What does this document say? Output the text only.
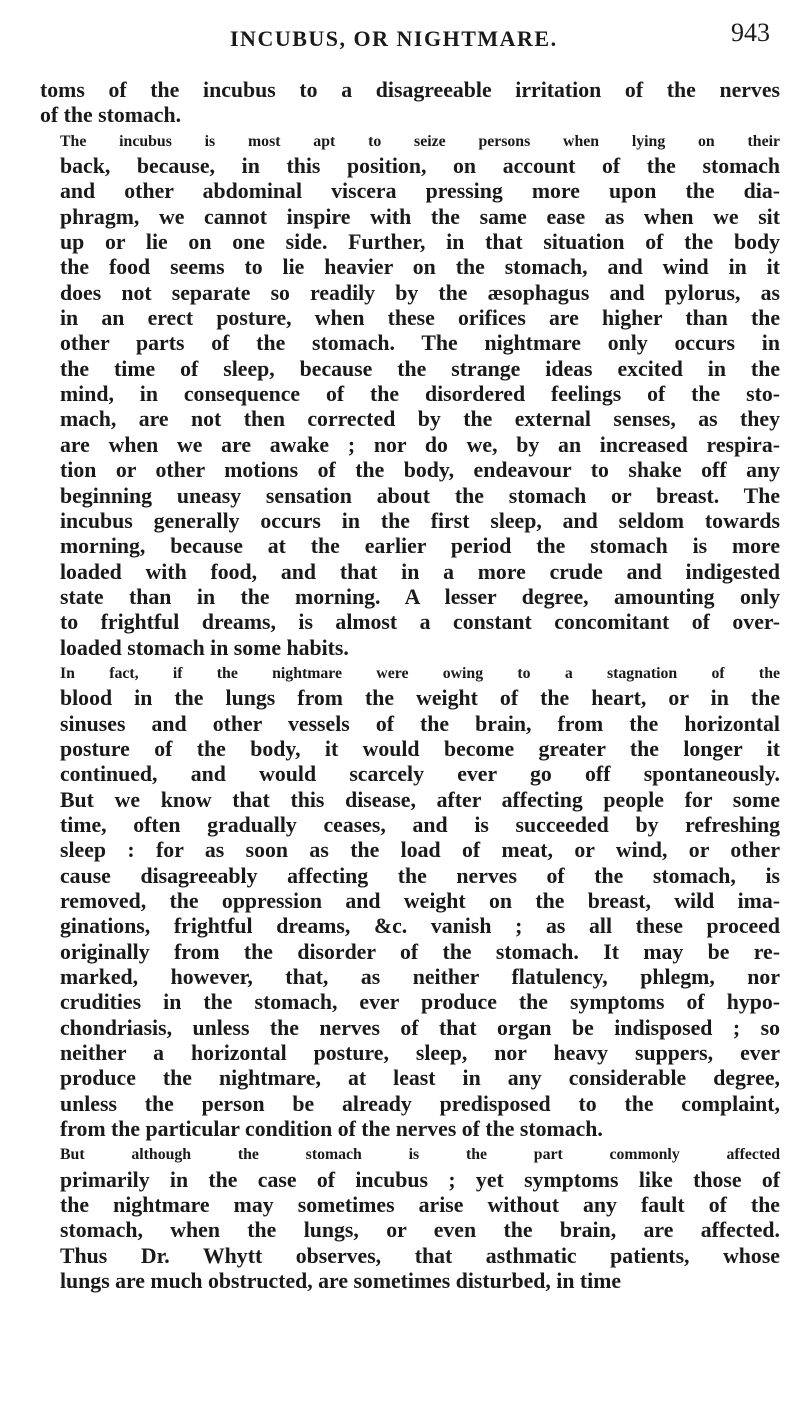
INCUBUS, OR NIGHTMARE.	943

toms of the incubus to a disagreeable irritation of the nerves
of the stomach.

The incubus is most apt to seize persons when lying on their
back, because, in this position, on account of the stomach
and other abdominal viscera pressing more upon the dia-
phragm, we cannot inspire with the same ease as when we sit
up or lie on one side. Further, in that situation of the body
the food seems to lie heavier on the stomach, and wind in it
does not separate so readily by the æsophagus and pylorus, as
in an erect posture, when these orifices are higher than the
other parts of the stomach. The nightmare only occurs in
the time of sleep, because the strange ideas excited in the
mind, in consequence of the disordered feelings of the sto-
mach, are not then corrected by the external senses, as they
are when we are awake ; nor do we, by an increased respira-
tion or other motions of the body, endeavour to shake off any
beginning uneasy sensation about the stomach or breast. The
incubus generally occurs in the first sleep, and seldom towards
morning, because at the earlier period the stomach is more
loaded with food, and that in a more crude and indigested
state than in the morning. A lesser degree, amounting only
to frightful dreams, is almost a constant concomitant of over-
loaded stomach in some habits.

In fact, if the nightmare were owing to a stagnation of the
blood in the lungs from the weight of the heart, or in the
sinuses and other vessels of the brain, from the horizontal
posture of the body, it would become greater the longer it
continued, and would scarcely ever go off spontaneously.
But we know that this disease, after affecting people for some
time, often gradually ceases, and is succeeded by refreshing
sleep : for as soon as the load of meat, or wind, or other
cause disagreeably affecting the nerves of the stomach, is
removed, the oppression and weight on the breast, wild ima-
ginations, frightful dreams, &c. vanish ; as all these proceed
originally from the disorder of the stomach. It may be re-
marked, however, that, as neither flatulency, phlegm, nor
crudities in the stomach, ever produce the symptoms of hypo-
chondriasis, unless the nerves of that organ be indisposed ; so
neither a horizontal posture, sleep, nor heavy suppers, ever
produce the nightmare, at least in any considerable degree,
unless the person be already predisposed to the complaint,
from the particular condition of the nerves of the stomach.

But although the stomach is the part commonly affected
primarily in the case of incubus ; yet symptoms like those of
the nightmare may sometimes arise without any fault of the
stomach, when the lungs, or even the brain, are affected.
Thus Dr. Whytt observes, that asthmatic patients, whose
lungs are much obstructed, are sometimes disturbed, in time
